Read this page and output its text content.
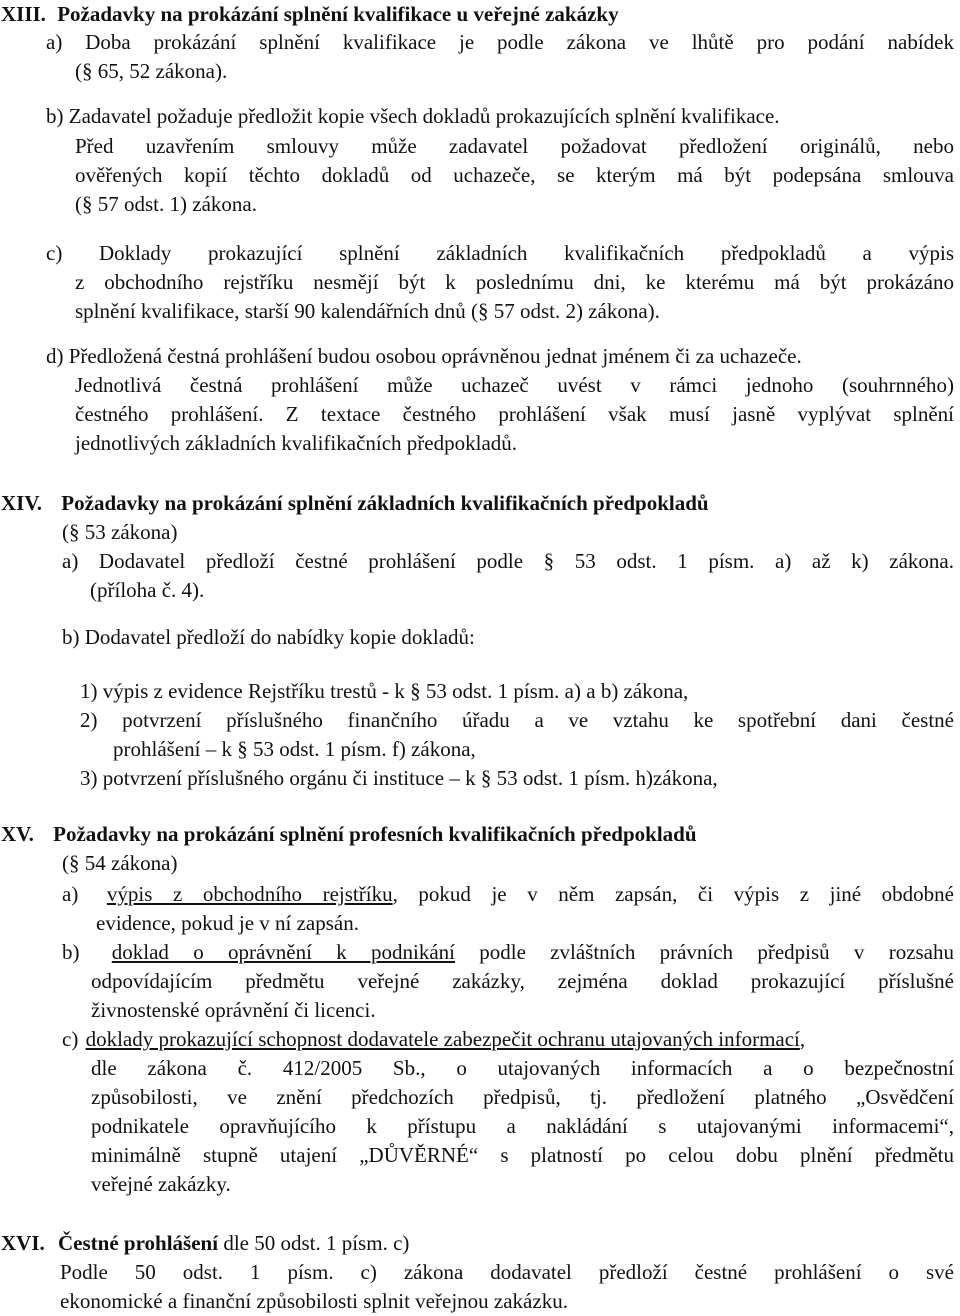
XIII. Požadavky na prokázání splnění kvalifikace u veřejné zakázky
a) Doba prokázání splnění kvalifikace je podle zákona ve lhůtě pro podání nabídek
(§ 65, 52 zákona).
b) Zadavatel požaduje předložit kopie všech dokladů prokazujících splnění kvalifikace.
Před uzavřením smlouvy může zadavatel požadovat předložení originálů, nebo
ověřených kopií těchto dokladů od uchazeče, se kterým má být podepsána smlouva
(§ 57 odst. 1) zákona.
c) Doklady prokazující splnění základních kvalifikačních předpokladů a výpis
z obchodního rejstříku nesmějí být k poslednímu dni, ke kterému má být prokázáno
splnění kvalifikace, starší 90 kalendářních dnů (§ 57 odst. 2) zákona).
d) Předložená čestná prohlášení budou osobou oprávněnou jednat jménem či za uchazeče.
Jednotlivá čestná prohlášení může uchazeč uvést v rámci jednoho (souhrnného)
čestného prohlášení. Z textace čestného prohlášení však musí jasně vyplývat splnění
jednotlivých základních kvalifikačních předpokladů.
XIV. Požadavky na prokázání splnění základních kvalifikačních předpokladů
(§ 53 zákona)
a) Dodavatel předloží čestné prohlášení podle § 53 odst. 1 písm. a) až k) zákona.
(příloha č. 4).
b) Dodavatel předloží do nabídky kopie dokladů:
1) výpis z evidence Rejstříku trestů - k § 53 odst. 1 písm. a) a b) zákona,
2) potvrzení příslušného finančního úřadu a ve vztahu ke spotřební dani čestné
prohlášení – k § 53 odst. 1 písm. f) zákona,
3) potvrzení příslušného orgánu či instituce – k § 53 odst. 1 písm. h)zákona,
XV. Požadavky na prokázání splnění profesních kvalifikačních předpokladů
(§ 54 zákona)
a) výpis z obchodního rejstříku, pokud je v něm zapsán, či výpis z jiné obdobné
evidence, pokud je v ní zapsán.
b) doklad o oprávnění k podnikání podle zvláštních právních předpisů v rozsahu
odpovídajícím předmětu veřejné zakázky, zejména doklad prokazující příslušné
živnostenské oprávnění či licenci.
c) doklady prokazující schopnost dodavatele zabezpečit ochranu utajovaných informací,
dle zákona č. 412/2005 Sb., o utajovaných informacích a o bezpečnostní
způsobilosti, ve znění předchozích předpisů, tj. předložení platného „Osvědčení
podnikatele opravňujícího k přístupu a nakládání s utajovanými informacemi“,
minimálně stupně utajení „DŮVĚRNÉ“ s platností po celou dobu plnění předmětu
veřejné zakázky.
XVI. Čestné prohlášení dle 50 odst. 1 písm. c)
Podle 50 odst. 1 písm. c) zákona dodavatel předloží čestné prohlášení o své
ekonomické a finanční způsobilosti splnit veřejnou zakázku.
